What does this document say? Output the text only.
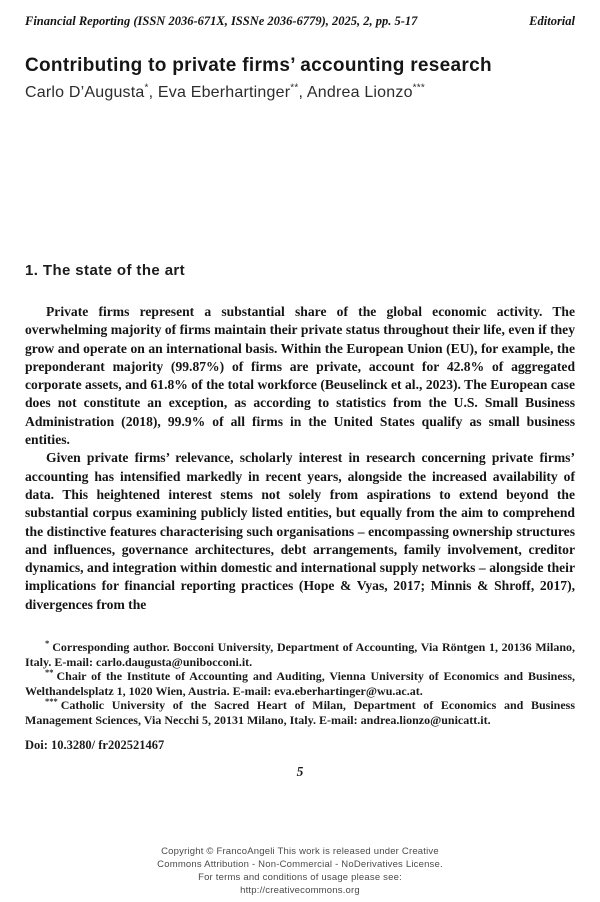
Financial Reporting (ISSN 2036-671X, ISSNe 2036-6779), 2025, 2, pp. 5-17	Editorial
Contributing to private firms’ accounting research
Carlo D’Augusta*, Eva Eberhartinger**, Andrea Lionzo***
1. The state of the art

Private firms represent a substantial share of the global economic activity. The overwhelming majority of firms maintain their private status throughout their life, even if they grow and operate on an international basis. Within the European Union (EU), for example, the preponderant majority (99.87%) of firms are private, account for 42.8% of aggregated corporate assets, and 61.8% of the total workforce (Beuselinck et al., 2023). The European case does not constitute an exception, as according to statistics from the U.S. Small Business Administration (2018), 99.9% of all firms in the United States qualify as small business entities.

Given private firms’ relevance, scholarly interest in research concerning private firms’ accounting has intensified markedly in recent years, alongside the increased availability of data. This heightened interest stems not solely from aspirations to extend beyond the substantial corpus examining publicly listed entities, but equally from the aim to comprehend the distinctive features characterising such organisations – encompassing ownership structures and influences, governance architectures, debt arrangements, family involvement, creditor dynamics, and integration within domestic and international supply networks – alongside their implications for financial reporting practices (Hope & Vyas, 2017; Minnis & Shroff, 2017), divergences from the

* Corresponding author. Bocconi University, Department of Accounting, Via Röntgen 1, 20136 Milano, Italy. E-mail: carlo.daugusta@unibocconi.it.

** Chair of the Institute of Accounting and Auditing, Vienna University of Economics and Business, Welthandelsplatz 1, 1020 Wien, Austria. E-mail: eva.eberhartinger@wu.ac.at.

*** Catholic University of the Sacred Heart of Milan, Department of Economics and Business Management Sciences, Via Necchi 5, 20131 Milano, Italy. E-mail: andrea.lionzo@unicatt.it.

Doi: 10.3280/ fr202521467
5
Copyright © FrancoAngeli This work is released under Creative
Commons Attribution - Non-Commercial - NoDerivatives License.
For terms and conditions of usage please see:
http://creativecommons.org
